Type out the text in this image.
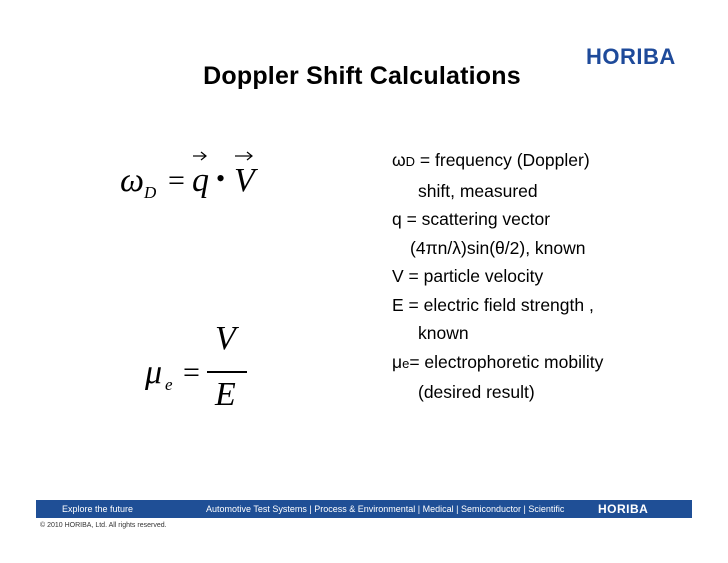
HORIBA
Doppler Shift Calculations
ω D = q • V
μ e =
V
E
ωD = frequency (Doppler)
shift, measured
q = scattering vector
(4πn/λ)sin(θ/2), known
V = particle velocity
E = electric field strength ,
known
μe= electrophoretic mobility
(desired result)
Explore the future	Automotive Test Systems | Process & Environmental | Medical | Semiconductor | Scientific	HORIBA
© 2010 HORIBA, Ltd. All rights reserved.
